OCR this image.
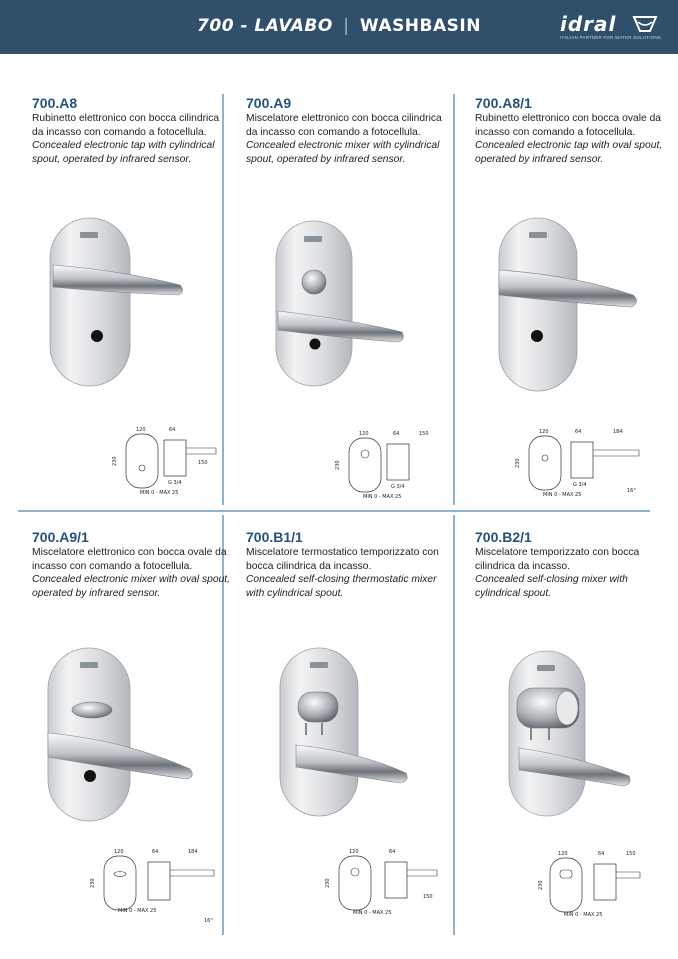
700 - LAVABO | WASHBASIN	idral
ITALIAN PARTNER FOR WATER SOLUTIONS
700.A8
Rubinetto elettronico con bocca cilindrica da incasso con comando a fotocellula.
Concealed electronic tap with cylindrical spout, operated by infrared sensor.
700.A9
Miscelatore elettronico con bocca cilindrica da incasso con comando a fotocellula.
Concealed electronic mixer with cylindrical spout, operated by infrared sensor.
700.A8/1
Rubinetto elettronico con bocca ovale da incasso con comando a fotocellula.
Concealed electronic tap with oval spout, operated by infrared sensor.
700.A9/1
Miscelatore elettronico con bocca ovale da incasso con comando a fotocellula.
Concealed electronic mixer with oval spout, operated by infrared sensor.
700.B1/1
Miscelatore termostatico temporizzato con bocca cilindrica da incasso.
Concealed self-closing thermostatic mixer with cylindrical spout.
700.B2/1
Miscelatore temporizzato con bocca cilindrica da incasso.
Concealed self-closing mixer with cylindrical spout.
120	64
230
G 3/4
150
MIN 0 - MAX 25
120	64	150
230
G 3/4
MIN 0 - MAX 25
120	64	184
230
G 3/4
16°
MIN 0 - MAX 25
120	64	184
230
MIN 0 - MAX 25
16°
120	64
230
150
MIN 0 - MAX 25
120	64	150
230
MIN 0 - MAX 25
